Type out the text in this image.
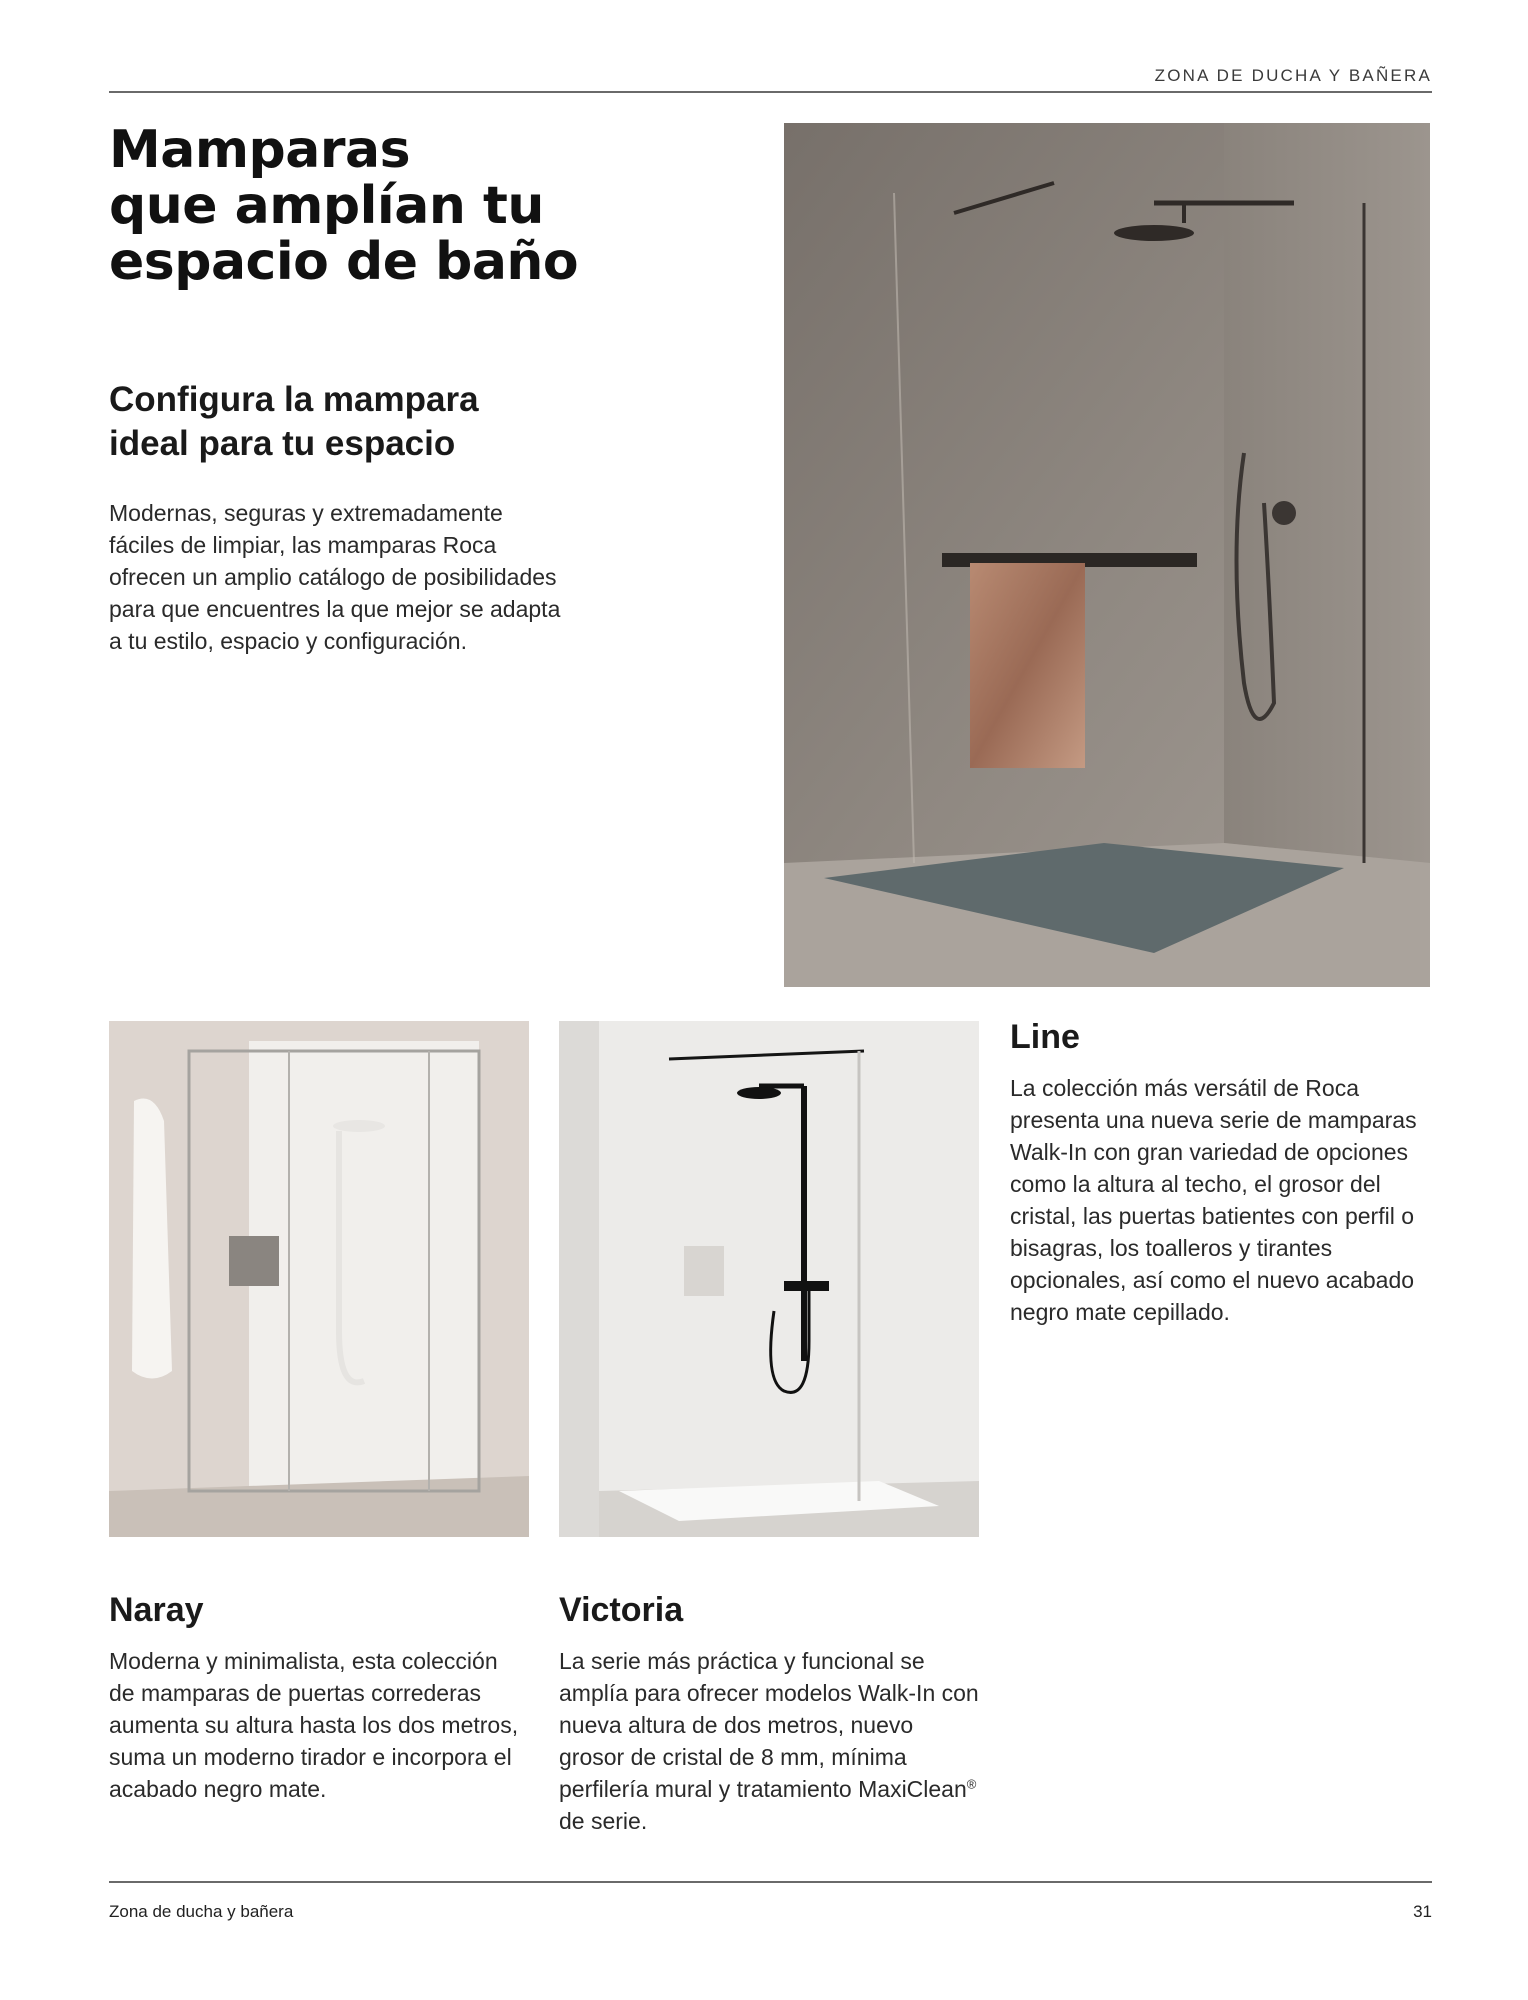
ZONA DE DUCHA Y BAÑERA
Mamparas
que amplían tu
espacio de baño
Configura la mampara
ideal para tu espacio

Modernas, seguras y extremadamente fáciles de limpiar, las mamparas Roca ofrecen un amplio catálogo de posibilidades para que encuentres la que mejor se adapta a tu estilo, espacio y configuración.

Line

La colección más versátil de Roca presenta una nueva serie de mamparas Walk-In con gran variedad de opciones como la altura al techo, el grosor del cristal, las puertas batientes con perfil o bisagras, los toalleros y tirantes opcionales, así como el nuevo acabado negro mate cepillado.

Naray

Moderna y minimalista, esta colección de mamparas de puertas correderas aumenta su altura hasta los dos metros, suma un moderno tirador e incorpora el acabado negro mate.

Victoria

La serie más práctica y funcional se amplía para ofrecer modelos Walk-In con nueva altura de dos metros, nuevo grosor de cristal de 8 mm, mínima perfilería mural y tratamiento MaxiClean® de serie.

Zona de ducha y bañera	31
